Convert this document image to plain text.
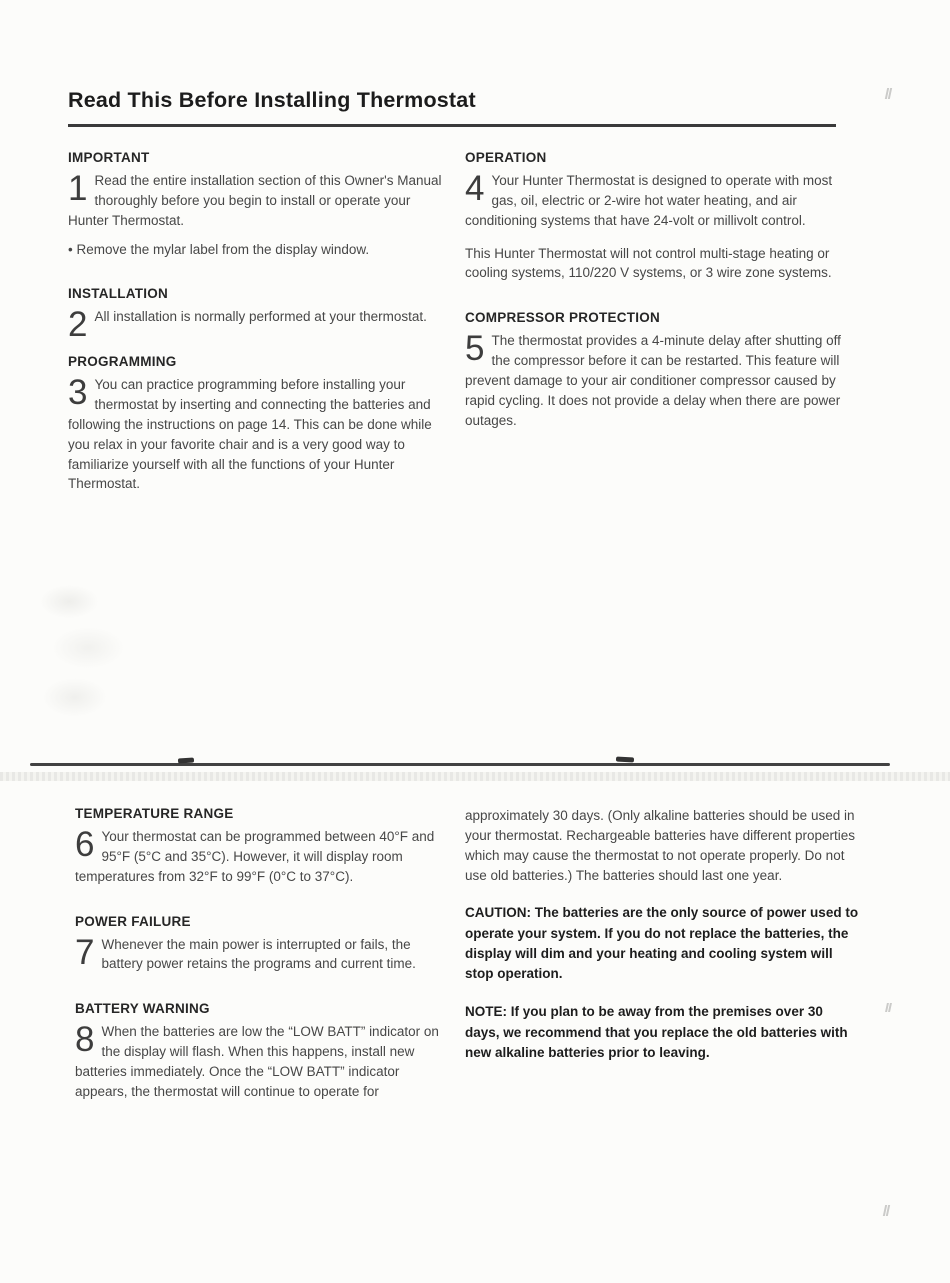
Read This Before Installing Thermostat
IMPORTANT

1 Read the entire installation section of this Owner's Manual thoroughly before you begin to install or operate your Hunter Thermostat.

• Remove the mylar label from the display window.

INSTALLATION

2 All installation is normally performed at your thermostat.

PROGRAMMING

3 You can practice programming before installing your thermostat by inserting and connecting the batteries and following the instructions on page 14. This can be done while you relax in your favorite chair and is a very good way to familiarize yourself with all the functions of your Hunter Thermostat.

OPERATION

4 Your Hunter Thermostat is designed to operate with most gas, oil, electric or 2-wire hot water heating, and air conditioning systems that have 24-volt or millivolt control.

This Hunter Thermostat will not control multi-stage heating or cooling systems, 110/220 V systems, or 3 wire zone systems.

COMPRESSOR PROTECTION

5 The thermostat provides a 4-minute delay after shutting off the compressor before it can be restarted. This feature will prevent damage to your air conditioner compressor caused by rapid cycling. It does not provide a delay when there are power outages.

TEMPERATURE RANGE

6 Your thermostat can be programmed between 40°F and 95°F (5°C and 35°C). However, it will display room temperatures from 32°F to 99°F (0°C to 37°C).

POWER FAILURE

7 Whenever the main power is interrupted or fails, the battery power retains the programs and current time.

BATTERY WARNING

8 When the batteries are low the “LOW BATT” indicator on the display will flash. When this happens, install new batteries immediately. Once the “LOW BATT” indicator appears, the thermostat will continue to operate for

approximately 30 days. (Only alkaline batteries should be used in your thermostat. Rechargeable batteries have different properties which may cause the thermostat to not operate properly. Do not use old batteries.) The batteries should last one year.

CAUTION: The batteries are the only source of power used to operate your system. If you do not replace the batteries, the display will dim and your heating and cooling system will stop operation.

NOTE: If you plan to be away from the premises over 30 days, we recommend that you replace the old batteries with new alkaline batteries prior to leaving.
